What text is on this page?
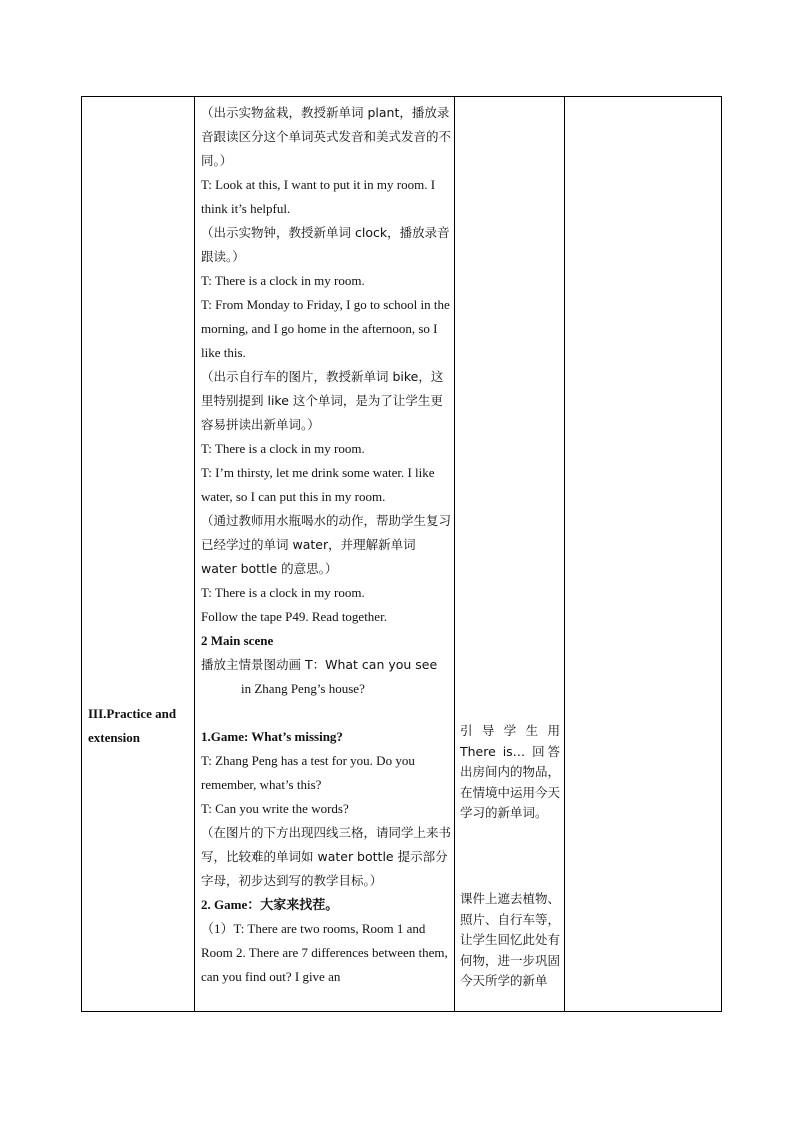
III.Practice and extension
（出示实物盆栽，教授新单词 plant，播放录音跟读区分这个单词英式发音和美式发音的不同。）
T: Look at this, I want to put it in my room. I think it’s helpful.
（出示实物钟，教授新单词 clock，播放录音跟读。）
T: There is a clock in my room.
T: From Monday to Friday, I go to school in the morning, and I go home in the afternoon, so I like this.
（出示自行车的图片，教授新单词 bike，这里特别提到 like 这个单词，是为了让学生更容易拼读出新单词。）
T: There is a clock in my room.
T: I’m thirsty, let me drink some water. I like water, so I can put this in my room.
（通过教师用水瓶喝水的动作，帮助学生复习已经学过的单词 water，并理解新单词 water bottle 的意思。）
T: There is a clock in my room.
Follow the tape P49. Read together.
2 Main scene
播放主情景图动画 T：What can you see
in Zhang Peng’s house?
1.Game: What’s missing?
T: Zhang Peng has a test for you. Do you remember, what’s this?
T: Can you write the words?
（在图片的下方出现四线三格，请同学上来书写，比较难的单词如 water bottle 提示部分字母，初步达到写的教学目标。）
2. Game：大家来找茬。
（1）T: There are two rooms, Room 1 and Room 2. There are 7 differences between them, can you find out? I give an
引导学生用 There is… 回答出房间内的物品，在情境中运用今天学习的新单词。
课件上遮去植物、照片、自行车等，让学生回忆此处有何物，进一步巩固今天所学的新单
